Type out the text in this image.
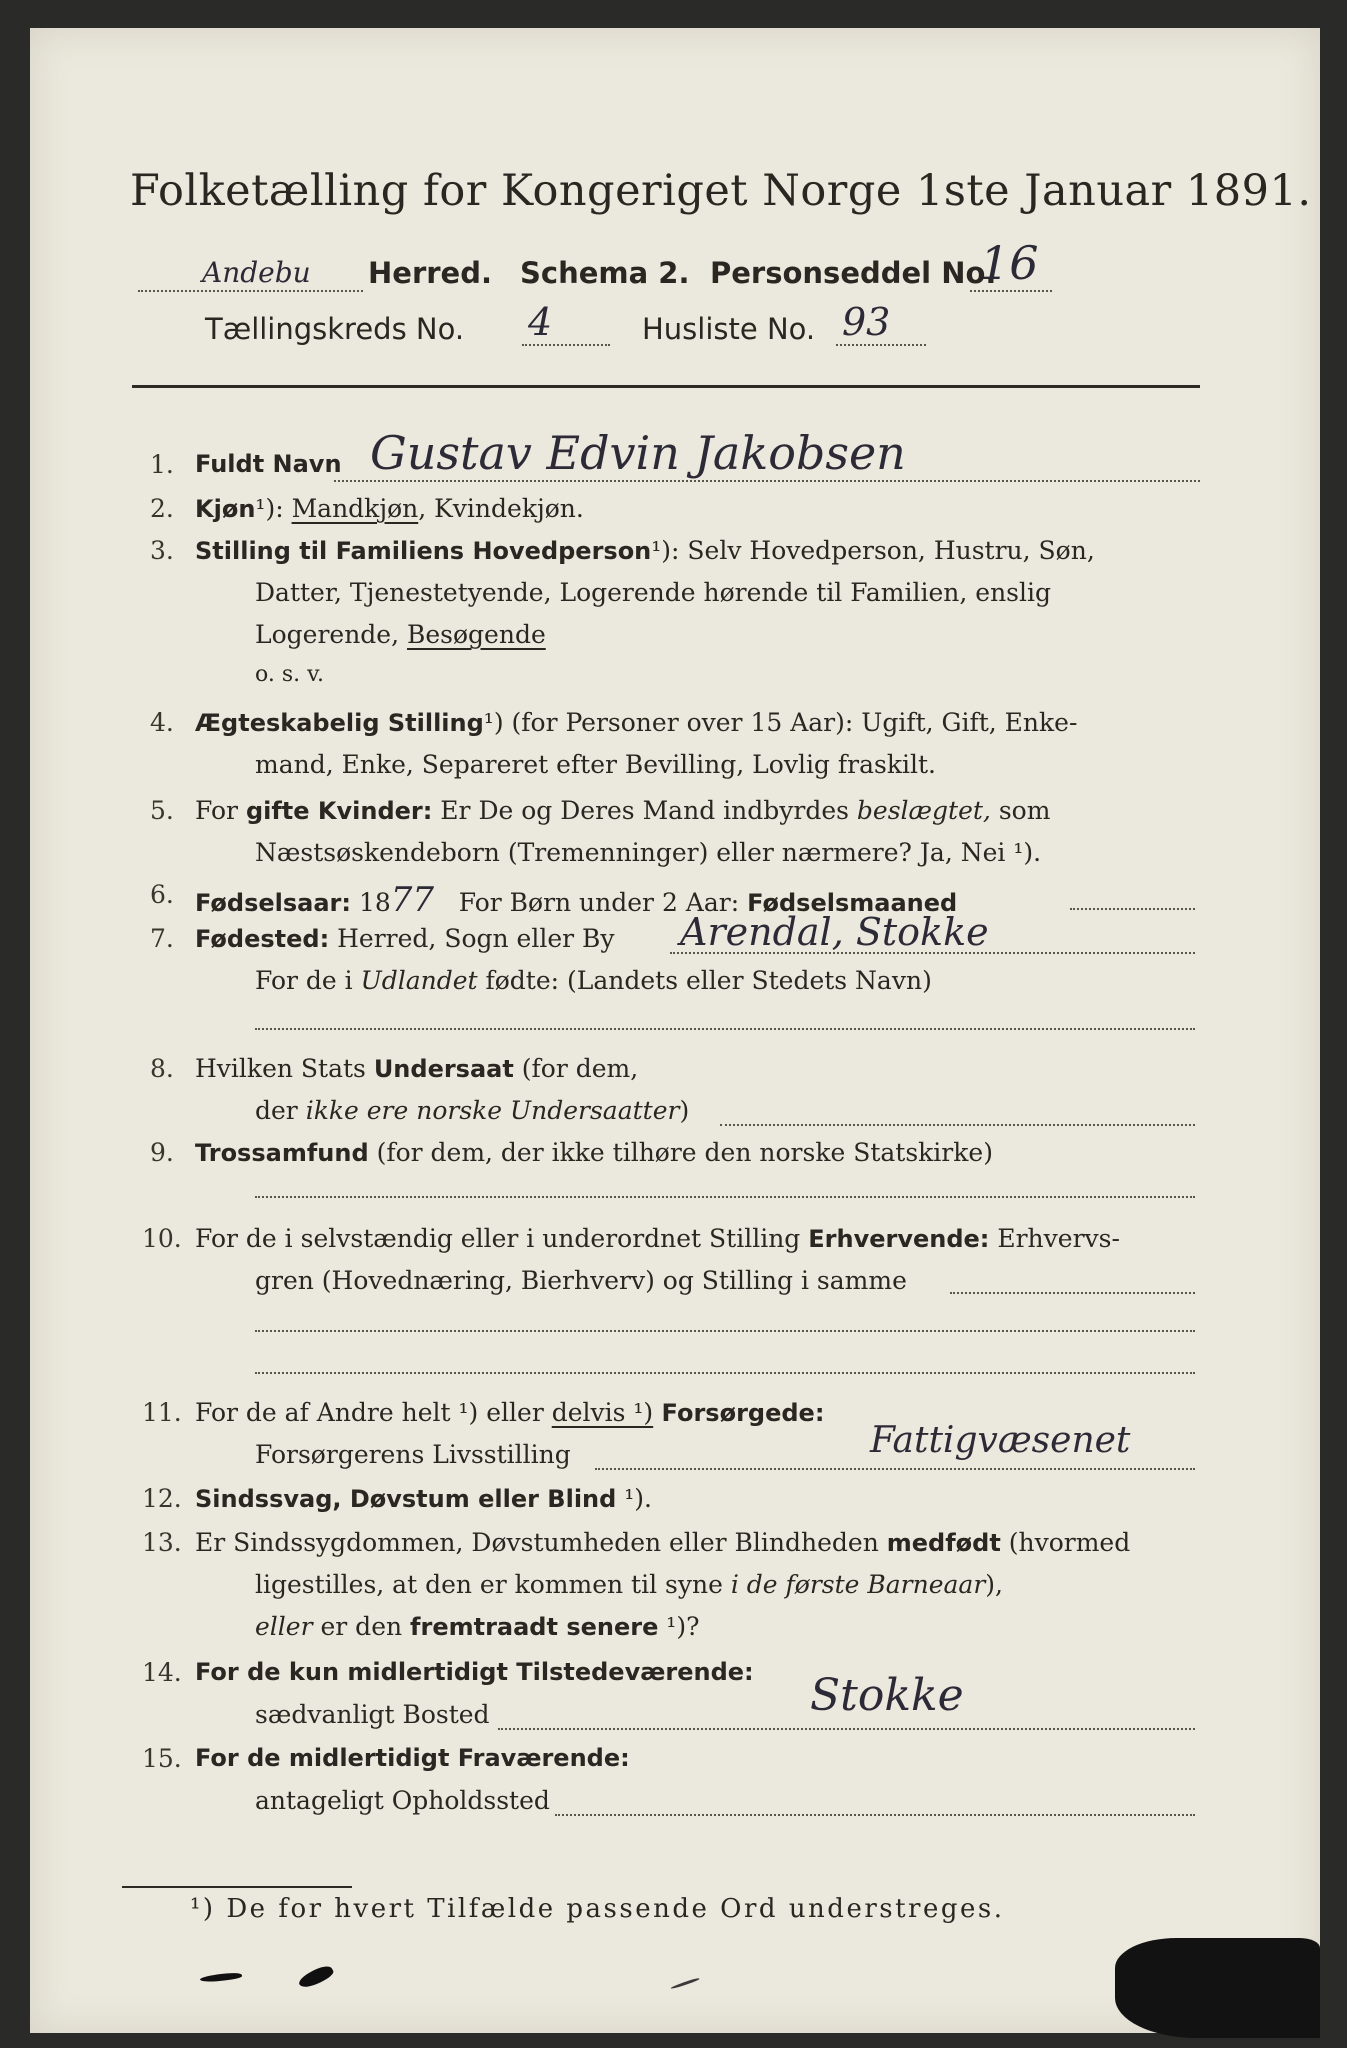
Folketælling for Kongeriget Norge 1ste Januar 1891.
Andebu Herred. Schema 2. Personseddel No.
16
Tællingskreds No. 4	Husliste No. 93
1. Fuldt Navn Gustav Edvin Jakobsen
2. Kjøn¹): Mandkjøn, Kvindekjøn.
3. Stilling til Familiens Hovedperson¹): Selv Hovedperson, Hustru, Søn,
Datter, Tjenestetyende, Logerende hørende til Familien, enslig
Logerende, Besøgende
o. s. v.
4. Ægteskabelig Stilling¹) (for Personer over 15 Aar): Ugift, Gift, Enke-
mand, Enke, Separeret efter Bevilling, Lovlig fraskilt.
5. For gifte Kvinder: Er De og Deres Mand indbyrdes beslægtet, som
Næstsøskendeborn (Tremenninger) eller nærmere? Ja, Nei ¹).
6. Fødselsaar: 1877 For Børn under 2 Aar: Fødselsmaaned
7. Fødested: Herred, Sogn eller By Arendal, Stokke
For de i Udlandet fødte: (Landets eller Stedets Navn)
8. Hvilken Stats Undersaat (for dem,
der ikke ere norske Undersaatter)
9. Trossamfund (for dem, der ikke tilhøre den norske Statskirke)
10. For de i selvstændig eller i underordnet Stilling Erhvervende: Erhvervs-
gren (Hovednæring, Bierhverv) og Stilling i samme
11. For de af Andre helt ¹) eller delvis ¹) Forsørgede:
Forsørgerens Livsstilling	Fattigvæsenet
12. Sindssvag, Døvstum eller Blind ¹).
13. Er Sindssygdommen, Døvstumheden eller Blindheden medfødt (hvormed
ligestilles, at den er kommen til syne i de første Barneaar),
eller er den fremtraadt senere ¹)?
14. For de kun midlertidigt Tilstedeværende:
sædvanligt Bosted	Stokke
15. For de midlertidigt Fraværende:
antageligt Opholdssted
¹) De for hvert Tilfælde passende Ord understreges.
